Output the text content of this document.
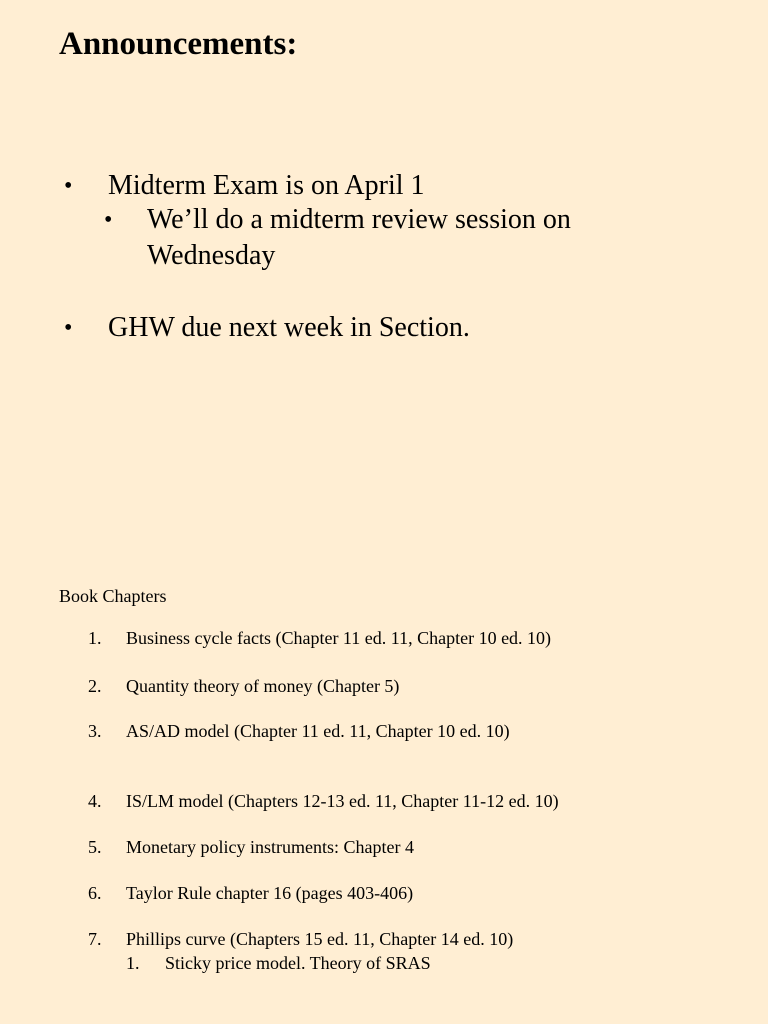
Announcements:
• Midterm Exam is on April 1
• We’ll do a midterm review session on Wednesday
• GHW due next week in Section.
Book Chapters
1. Business cycle facts (Chapter 11 ed. 11, Chapter 10 ed. 10)
2. Quantity theory of money (Chapter 5)
3. AS/AD model (Chapter 11 ed. 11, Chapter 10 ed. 10)
4. IS/LM model (Chapters 12-13 ed. 11, Chapter 11-12 ed. 10)
5. Monetary policy instruments: Chapter 4
6. Taylor Rule chapter 16 (pages 403-406)
7. Phillips curve (Chapters 15 ed. 11, Chapter 14 ed. 10)
1. Sticky price model. Theory of SRAS
